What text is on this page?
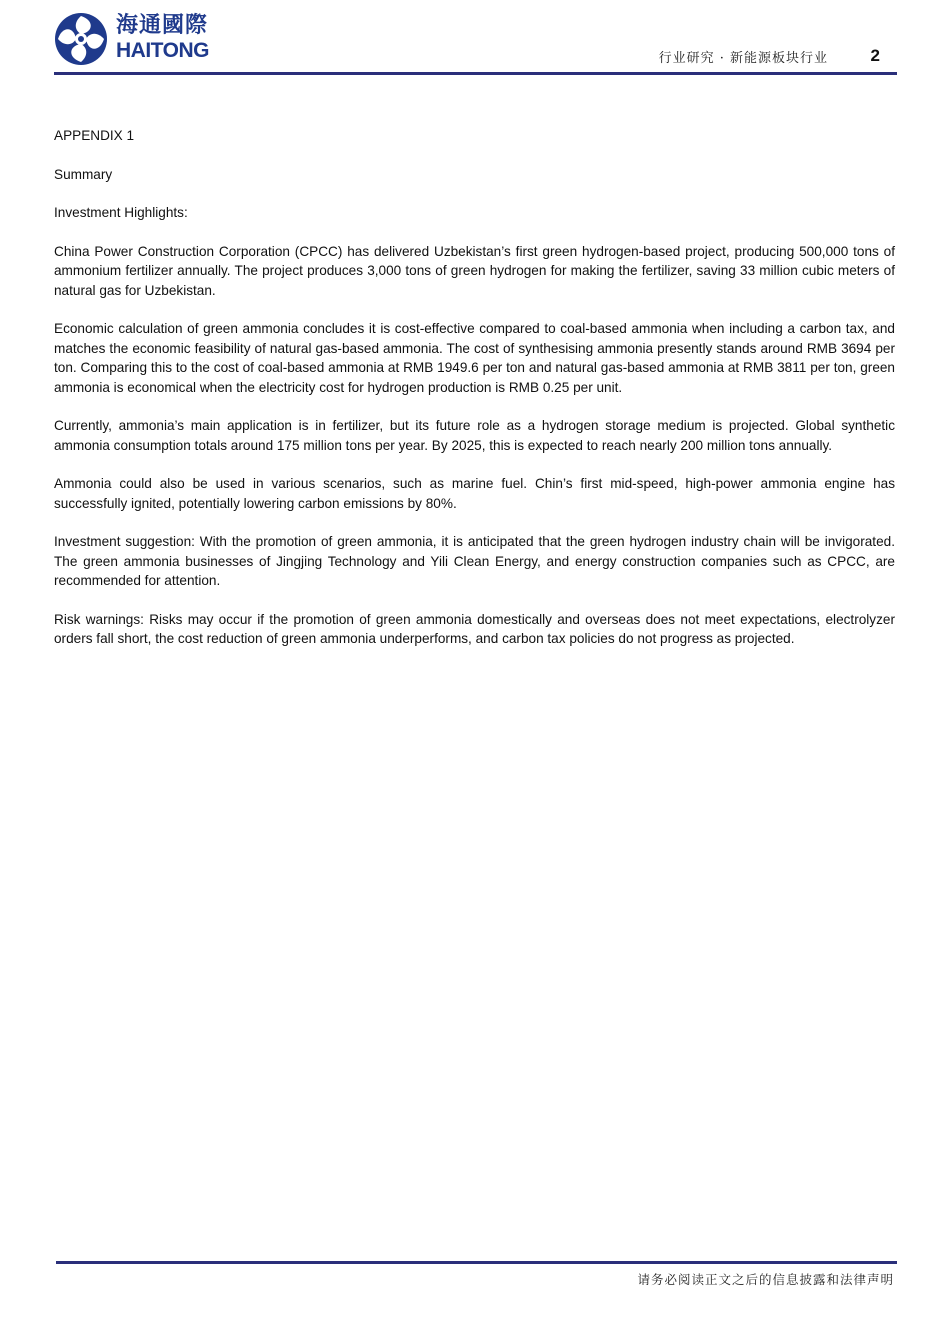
海通國際
HAITONG	行业研究 · 新能源板块行业	2

APPENDIX 1

Summary

Investment Highlights:

China Power Construction Corporation (CPCC) has delivered Uzbekistan’s first green hydrogen-based project, producing 500,000 tons of ammonium fertilizer annually. The project produces 3,000 tons of green hydrogen for making the fertilizer, saving 33 million cubic meters of natural gas for Uzbekistan.

Economic calculation of green ammonia concludes it is cost-effective compared to coal-based ammonia when including a carbon tax, and matches the economic feasibility of natural gas-based ammonia. The cost of synthesising ammonia presently stands around RMB 3694 per ton. Comparing this to the cost of coal-based ammonia at RMB 1949.6 per ton and natural gas-based ammonia at RMB 3811 per ton, green ammonia is economical when the electricity cost for hydrogen production is RMB 0.25 per unit.

Currently, ammonia’s main application is in fertilizer, but its future role as a hydrogen storage medium is projected. Global synthetic ammonia consumption totals around 175 million tons per year. By 2025, this is expected to reach nearly 200 million tons annually.

Ammonia could also be used in various scenarios, such as marine fuel. Chin’s first mid-speed, high-power ammonia engine has successfully ignited, potentially lowering carbon emissions by 80%.

Investment suggestion: With the promotion of green ammonia, it is anticipated that the green hydrogen industry chain will be invigorated. The green ammonia businesses of Jingjing Technology and Yili Clean Energy, and energy construction companies such as CPCC, are recommended for attention.

Risk warnings: Risks may occur if the promotion of green ammonia domestically and overseas does not meet expectations, electrolyzer orders fall short, the cost reduction of green ammonia underperforms, and carbon tax policies do not progress as projected.

请务必阅读正文之后的信息披露和法律声明
